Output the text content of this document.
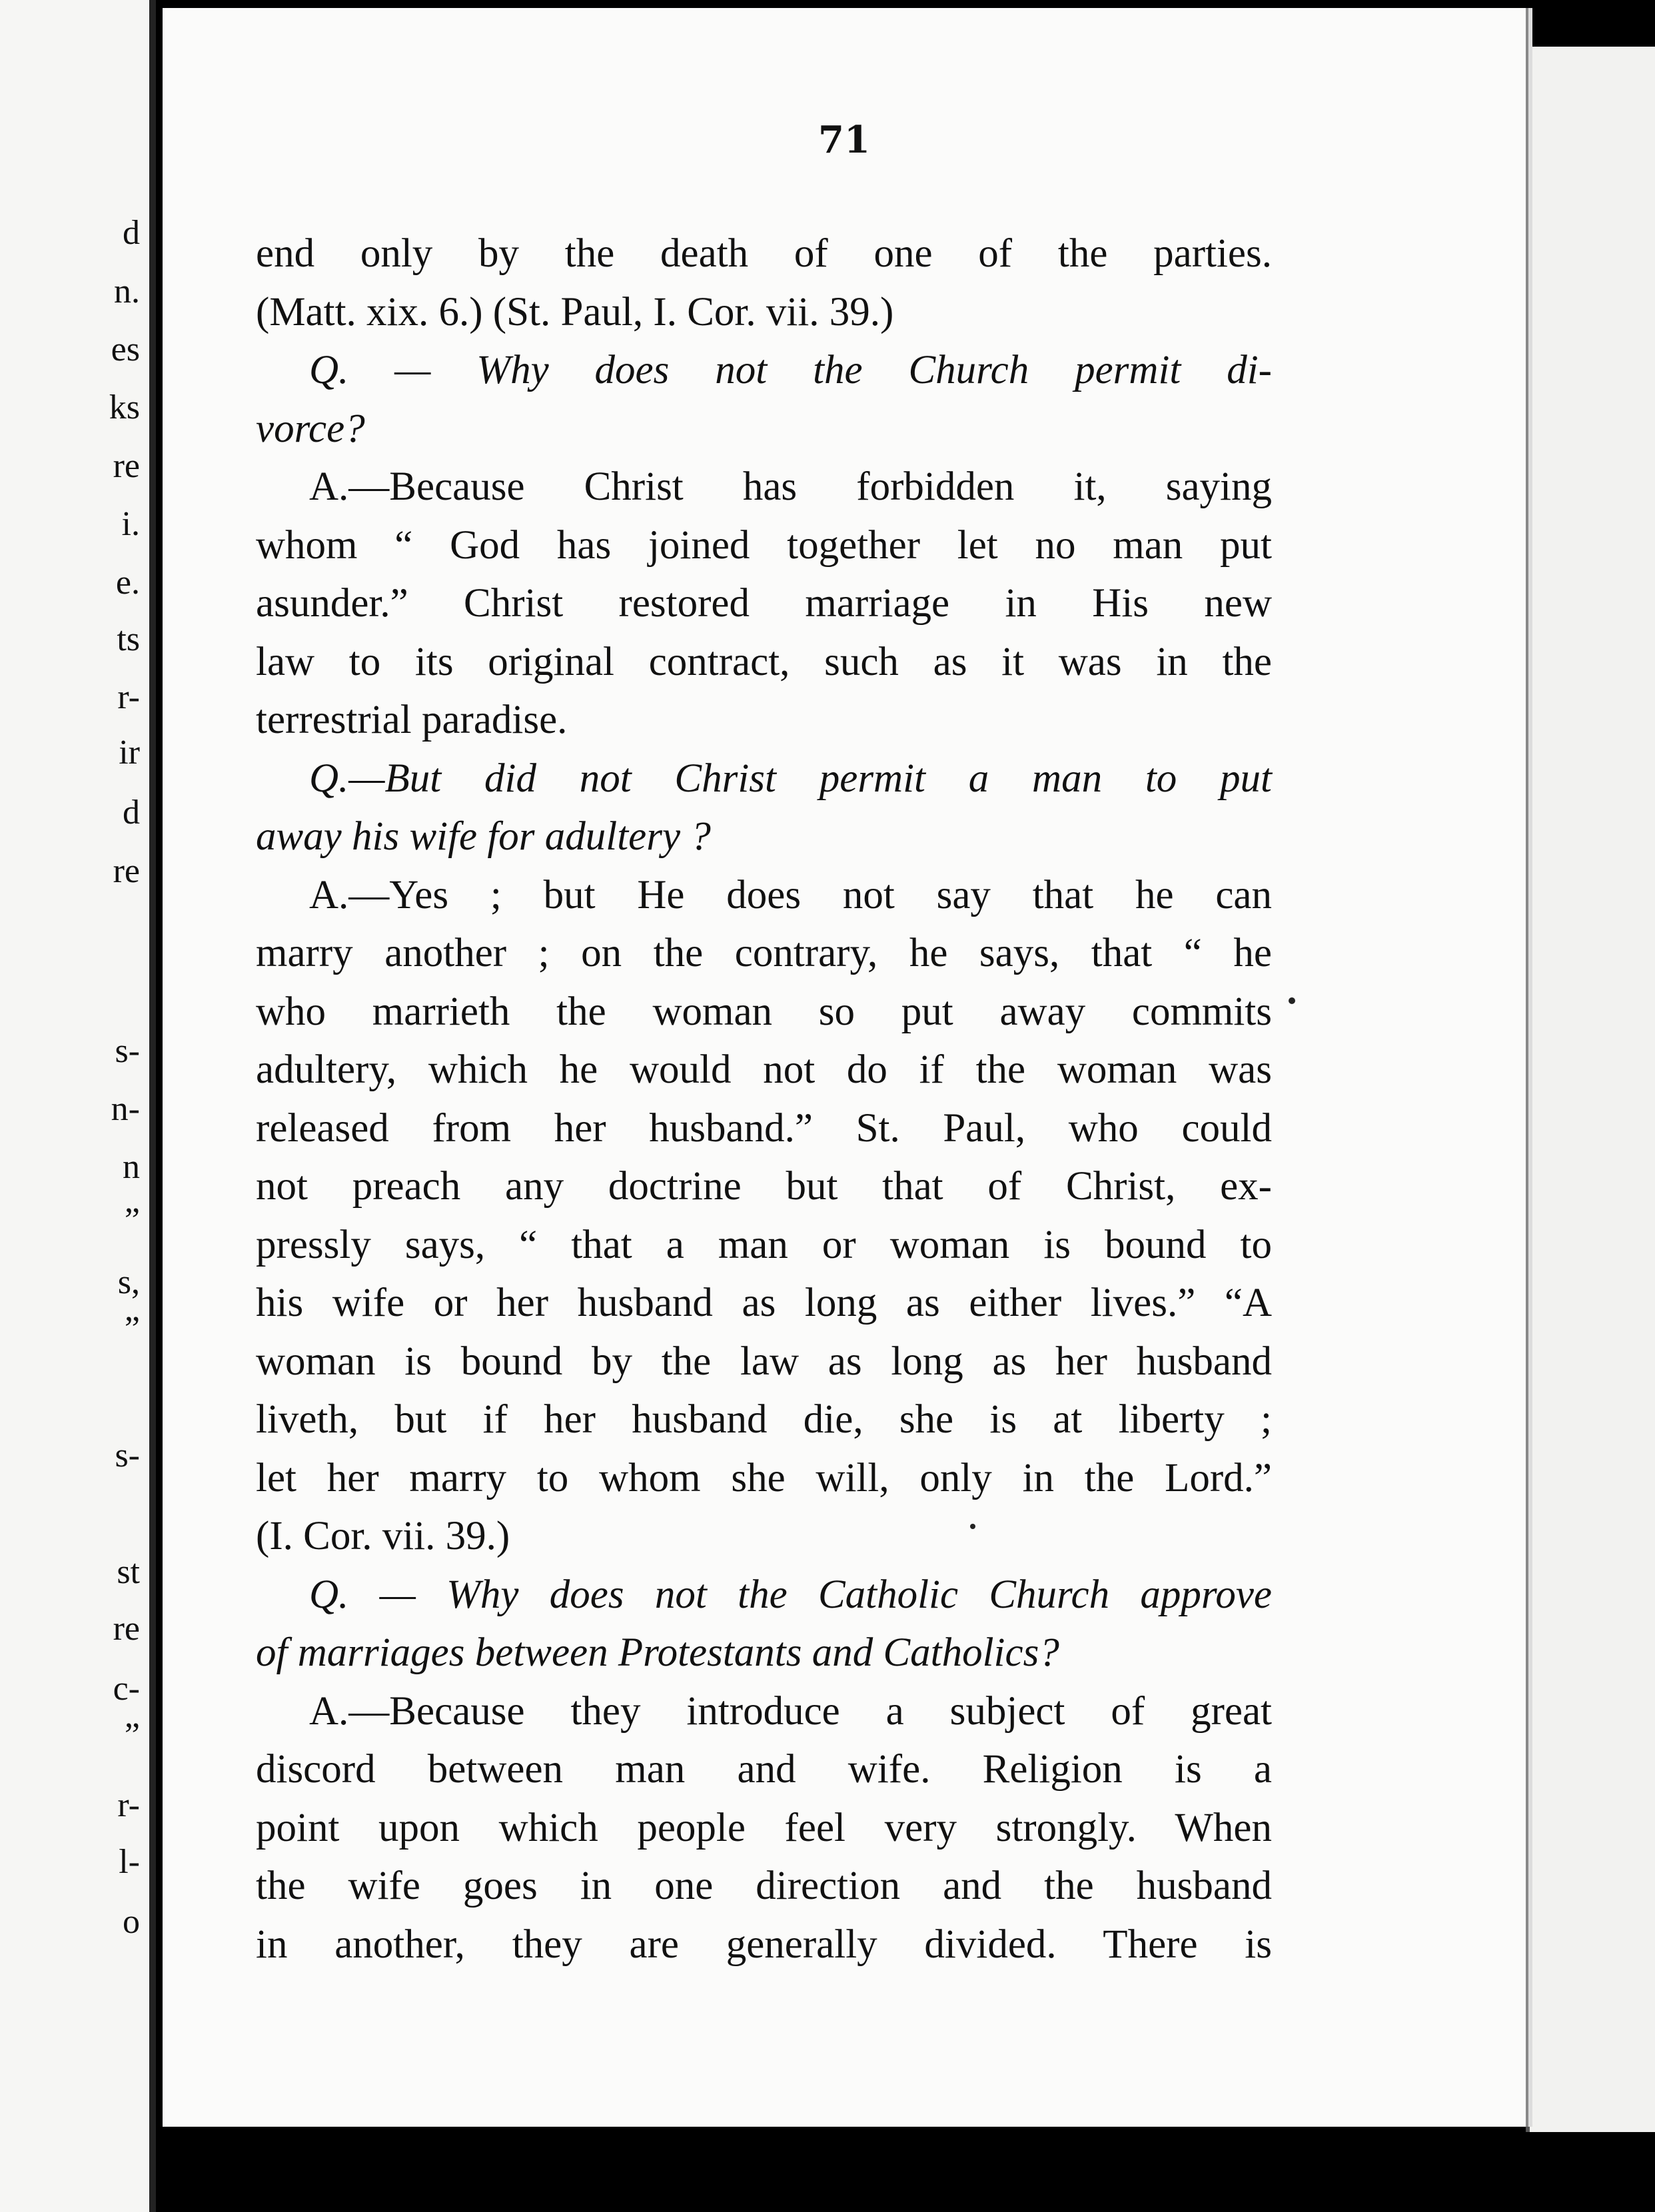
d
n.
es
ks
re
i.
e.
ts
r-
ir
d
re
s-
n-
n
”
s,
”
s-
st
re
c-
”
r-
l-
o
71
end only by the death of one of the parties.
(Matt. xix. 6.) (St. Paul, I. Cor. vii. 39.)
Q. — Why does not the Church permit di-
vorce?
A.—Because Christ has forbidden it, saying
whom “ God has joined together let no man put
asunder.” Christ restored marriage in His new
law to its original contract, such as it was in the
terrestrial paradise.
Q.—But did not Christ permit a man to put
away his wife for adultery ?
A.—Yes ; but He does not say that he can
marry another ; on the contrary, he says, that “ he
who marrieth the woman so put away commits
adultery, which he would not do if the woman was
released from her husband.” St. Paul, who could
not preach any doctrine but that of Christ, ex-
pressly says, “ that a man or woman is bound to
his wife or her husband as long as either lives.” “A
woman is bound by the law as long as her husband
liveth, but if her husband die, she is at liberty ;
let her marry to whom she will, only in the Lord.”
(I. Cor. vii. 39.)
Q. — Why does not the Catholic Church approve
of marriages between Protestants and Catholics?
A.—Because they introduce a subject of great
discord between man and wife. Religion is a
point upon which people feel very strongly. When
the wife goes in one direction and the husband
in another, they are generally divided. There is
